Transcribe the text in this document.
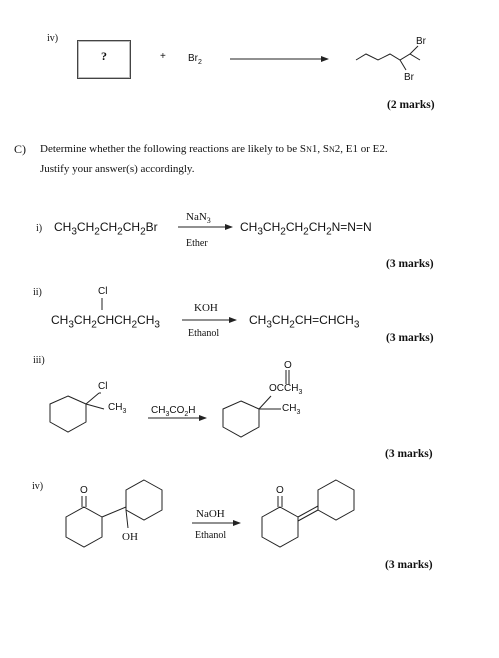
iv)
?	+ $Br_2$
Br
Br
(2 marks)
C) Determine whether the following reactions are likely to be SN1, SN2, E1 or E2.
Justify your answer(s) accordingly.
i) $CH_3CH_2CH_2CH_2Br$
NaN$_3$
Ether
$CH_3CH_2CH_2CH_2N=N=N$
(3 marks)
ii)	Cl
$CH_3CH_2CHCH_2CH_3$
KOH
Ethanol
$CH_3CH_2CH=CHCH_3$
(3 marks)
iii)
Cl
$CH_3$ $CH_3CO_2H$
O
$OCCH_3$
$CH_3$
(3 marks)
iv)	O
OH
NaOH
Ethanol
O
(3 marks)
